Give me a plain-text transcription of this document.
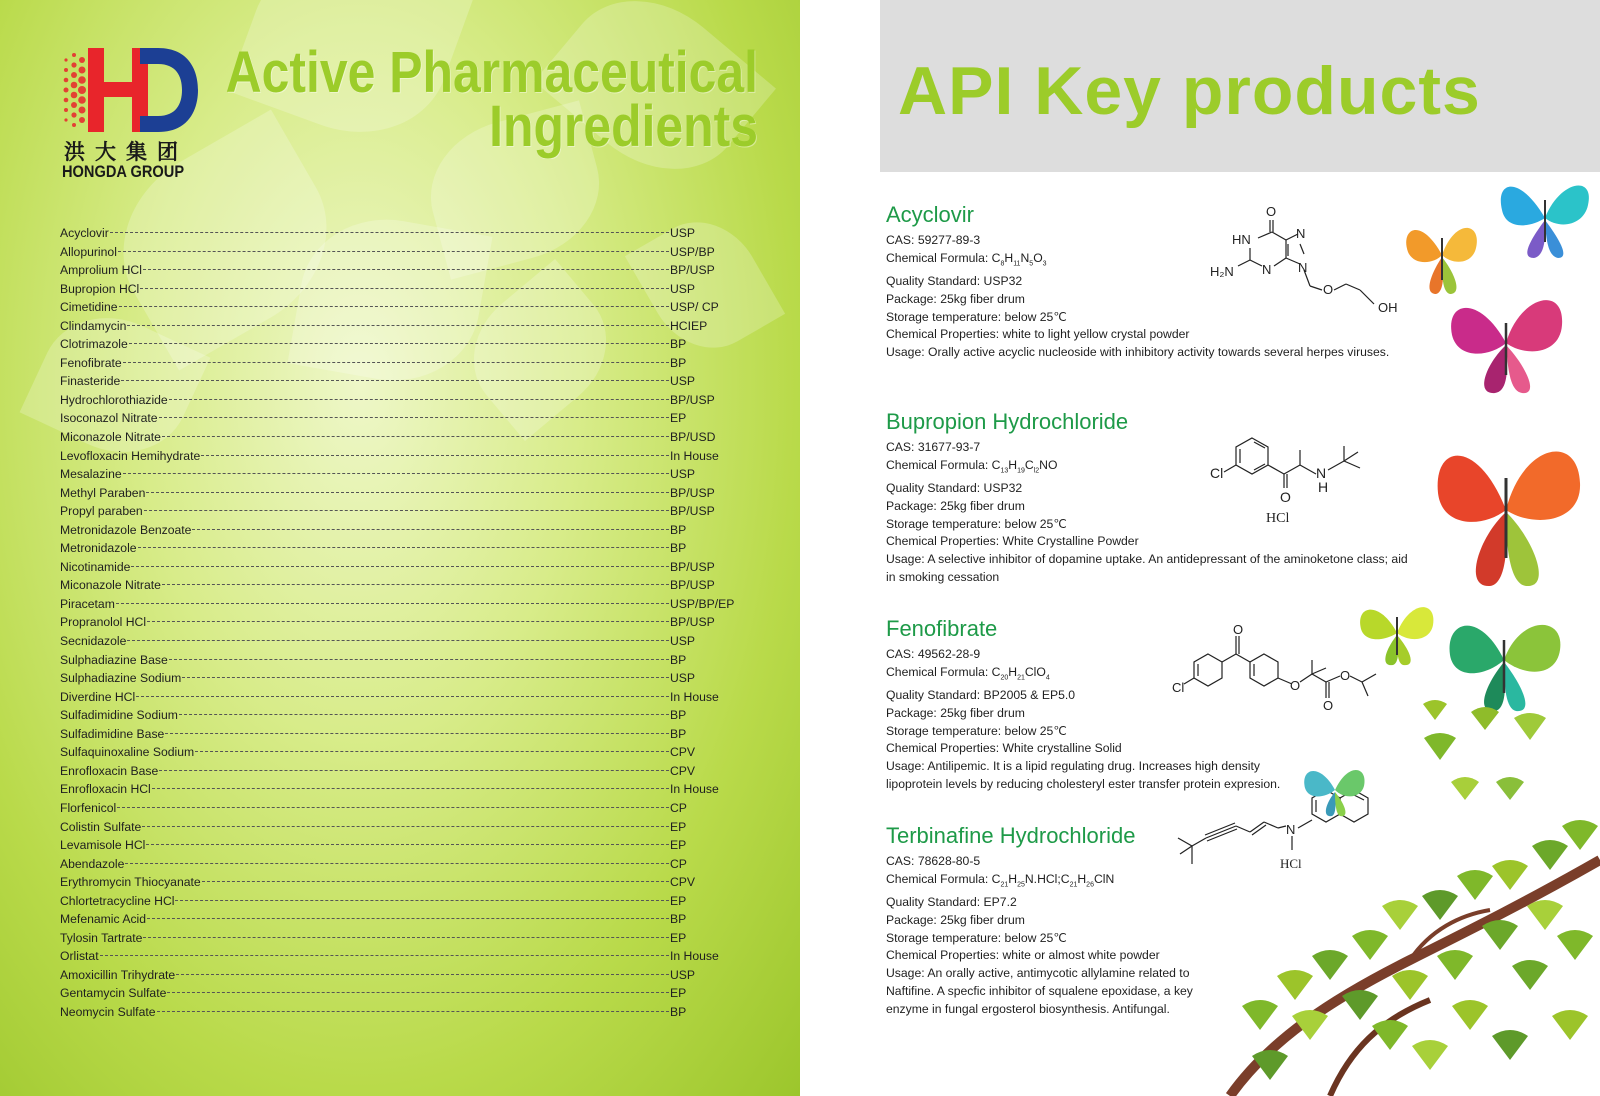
洪大集团
HONGDA GROUP
Active Pharmaceutical
Ingredients
Acyclovir	USP
Allopurinol	USP/BP
Amprolium HCl	BP/USP
Bupropion HCl	USP
Cimetidine	USP/ CP
Clindamycin	HCIEP
Clotrimazole	BP
Fenofibrate	BP
Finasteride	USP
Hydrochlorothiazide	BP/USP
Isoconazol Nitrate	EP
Miconazole Nitrate	BP/USD
Levofloxacin Hemihydrate	In House
Mesalazine	USP
Methyl Paraben	BP/USP
Propyl paraben	BP/USP
Metronidazole Benzoate	BP
Metronidazole	BP
Nicotinamide	BP/USP
Miconazole Nitrate	BP/USP
Piracetam	USP/BP/EP
Propranolol HCl	BP/USP
Secnidazole	USP
Sulphadiazine Base	BP
Sulphadiazine Sodium	USP
Diverdine HCl	In House
Sulfadimidine Sodium	BP
Sulfadimidine Base	BP
Sulfaquinoxaline Sodium	CPV
Enrofloxacin Base	CPV
Enrofloxacin HCl	In House
Florfenicol	CP
Colistin Sulfate	EP
Levamisole HCl	EP
Abendazole	CP
Erythromycin Thiocyanate	CPV
Chlortetracycline HCl	EP
Mefenamic Acid	BP
Tylosin Tartrate	EP
Orlistat	In House
Amoxicillin Trihydrate	USP
Gentamycin Sulfate	EP
Neomycin Sulfate	BP
API Key products
Acyclovir
CAS: 59277-89-3
Chemical Formula: $C_8H_{11}N_5O_3$
Quality Standard: USP32
Package: 25kg fiber drum
Storage temperature: below 25℃
Chemical Properties: white to light yellow crystal powder
Usage: Orally active acyclic nucleoside with inhibitory activity towards several herpes viruses.
Bupropion Hydrochloride
CAS: 31677-93-7
Chemical Formula: $C_{13}H_{19}C_{l2}NO$
Quality Standard: USP32
Package: 25kg fiber drum
Storage temperature: below 25℃
Chemical Properties: White Crystalline Powder
Usage: A selective inhibitor of dopamine uptake. An antidepressant of the aminoketone class; aid in smoking cessation
Fenofibrate
CAS: 49562-28-9
Chemical Formula: $C_{20}H_{21}ClO_4$
Quality Standard: BP2005 & EP5.0
Package: 25kg fiber drum
Storage temperature: below 25℃
Chemical Properties: White crystalline Solid
Usage: Antilipemic. It is a lipid regulating drug. Increases high density
lipoprotein levels by reducing cholesteryl ester transfer protein expresion.
Terbinafine Hydrochloride
CAS: 78628-80-5
Chemical Formula: $C_{21}H_{25}N.HCl;C_{21}H_{26}ClN$
Quality Standard: EP7.2
Package: 25kg fiber drum
Storage temperature: below 25℃
Chemical Properties: white or almost white powder
Usage: An orally active, antimycotic allylamine related to
Naftifine. A specfic inhibitor of squalene epoxidase, a key
enzyme in fungal ergosterol biosynthesis. Antifungal.
O
HN	N
N N
H₂N
O
OH
Cl
O
N
H
HCl
Cl
O
O
O
O
N
HCl
